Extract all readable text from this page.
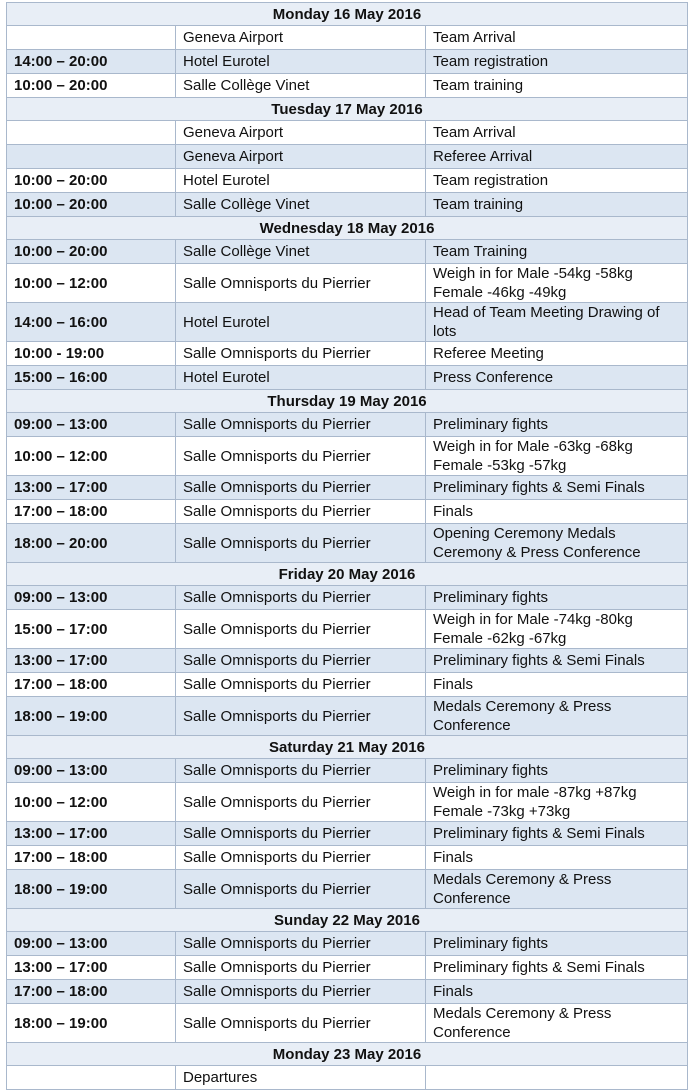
Monday 16 May 2016		
	Geneva Airport	Team Arrival
14:00 – 20:00	Hotel Eurotel	Team registration
10:00 – 20:00	Salle Collège Vinet	Team training
Tuesday 17 May 2016		
	Geneva Airport	Team Arrival
	Geneva Airport	Referee Arrival
10:00 – 20:00	Hotel Eurotel	Team registration
10:00 – 20:00	Salle Collège Vinet	Team training
Wednesday 18 May 2016		
10:00 – 20:00	Salle Collège Vinet	Team Training
10:00 – 12:00	Salle Omnisports du Pierrier	Weigh in for Male -54kg -58kg Female -46kg -49kg
14:00 – 16:00	Hotel Eurotel	Head of Team Meeting Drawing of lots
10:00 - 19:00	Salle Omnisports du Pierrier	Referee Meeting
15:00 – 16:00	Hotel Eurotel	Press Conference
Thursday 19 May 2016		
09:00 – 13:00	Salle Omnisports du Pierrier	Preliminary fights
10:00 – 12:00	Salle Omnisports du Pierrier	Weigh in for Male -63kg -68kg Female -53kg -57kg
13:00 – 17:00	Salle Omnisports du Pierrier	Preliminary fights & Semi Finals
17:00 – 18:00	Salle Omnisports du Pierrier	Finals
18:00 – 20:00	Salle Omnisports du Pierrier	Opening Ceremony Medals Ceremony & Press Conference
Friday 20 May 2016		
09:00 – 13:00	Salle Omnisports du Pierrier	Preliminary fights
15:00 – 17:00	Salle Omnisports du Pierrier	Weigh in for Male -74kg -80kg Female -62kg -67kg
13:00 – 17:00	Salle Omnisports du Pierrier	Preliminary fights & Semi Finals
17:00 – 18:00	Salle Omnisports du Pierrier	Finals
18:00 – 19:00	Salle Omnisports du Pierrier	Medals Ceremony & Press Conference
Saturday 21 May 2016		
09:00 – 13:00	Salle Omnisports du Pierrier	Preliminary fights
10:00 – 12:00	Salle Omnisports du Pierrier	Weigh in for male -87kg +87kg Female -73kg +73kg
13:00 – 17:00	Salle Omnisports du Pierrier	Preliminary fights & Semi Finals
17:00 – 18:00	Salle Omnisports du Pierrier	Finals
18:00 – 19:00	Salle Omnisports du Pierrier	Medals Ceremony & Press Conference
Sunday 22 May 2016		
09:00 – 13:00	Salle Omnisports du Pierrier	Preliminary fights
13:00 – 17:00	Salle Omnisports du Pierrier	Preliminary fights & Semi Finals
17:00 – 18:00	Salle Omnisports du Pierrier	Finals
18:00 – 19:00	Salle Omnisports du Pierrier	Medals Ceremony & Press Conference
Monday 23 May 2016		
	Departures	
